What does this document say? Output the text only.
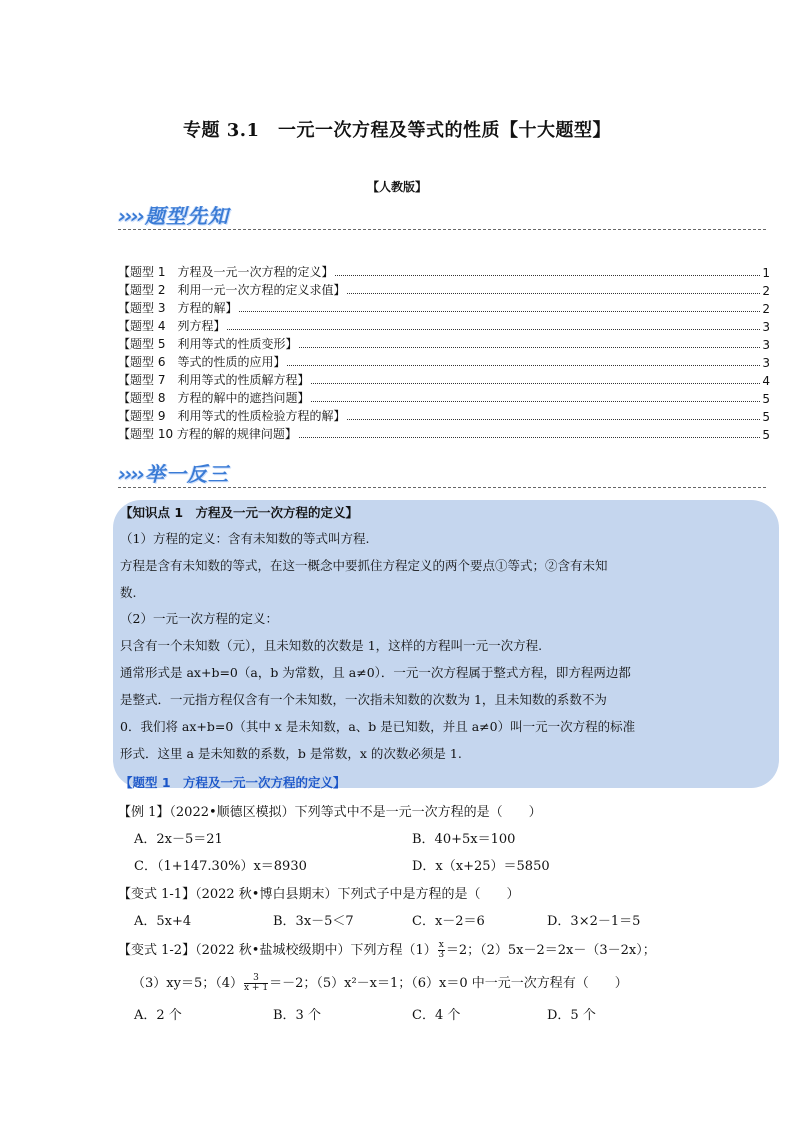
专题 3.1　一元一次方程及等式的性质【十大题型】
【人教版】
›››› 题型先知
【题型 1　方程及一元一次方程的定义】	1
【题型 2　利用一元一次方程的定义求值】	2
【题型 3　方程的解】	2
【题型 4　列方程】	3
【题型 5　利用等式的性质变形】	3
【题型 6　等式的性质的应用】	3
【题型 7　利用等式的性质解方程】	4
【题型 8　方程的解中的遮挡问题】	5
【题型 9　利用等式的性质检验方程的解】	5
【题型 10 方程的解的规律问题】	5
›››› 举一反三
【知识点 1　方程及一元一次方程的定义】
（1）方程的定义：含有未知数的等式叫方程.
方程是含有未知数的等式，在这一概念中要抓住方程定义的两个要点①等式；②含有未知
数.
（2）一元一次方程的定义：
只含有一个未知数（元），且未知数的次数是 1，这样的方程叫一元一次方程.
通常形式是 ax+b=0（a，b 为常数，且 a≠0）．一元一次方程属于整式方程，即方程两边都
是整式．一元指方程仅含有一个未知数，一次指未知数的次数为 1，且未知数的系数不为
0．我们将 ax+b=0（其中 x 是未知数，a、b 是已知数，并且 a≠0）叫一元一次方程的标准
形式．这里 a 是未知数的系数，b 是常数，x 的次数必须是 1.
【题型 1　方程及一元一次方程的定义】
【例 1】（2022•顺德区模拟）下列等式中不是一元一次方程的是（　　）
A．2x－5＝21	B．40+5x＝100
C．（1+147.30%）x＝8930	D．x（x+25）＝5850
【变式 1-1】（2022 秋•博白县期末）下列式子中是方程的是（　　）
A．5x+4	B．3x－5＜7	C．x－2＝6	D．3×2－1＝5
【变式 1-2】（2022 秋•盐城校级期中）下列方程$(1) \frac{x}{3} =2$；（2）5x－2＝2x－（3－2x）；
（3）xy＝5；$(4) \frac{3}{x + 1} =-2$；（5）x²－x＝1；（6）x＝0 中一元一次方程有（　　）
A．2 个	B．3 个	C．4 个	D．5 个
